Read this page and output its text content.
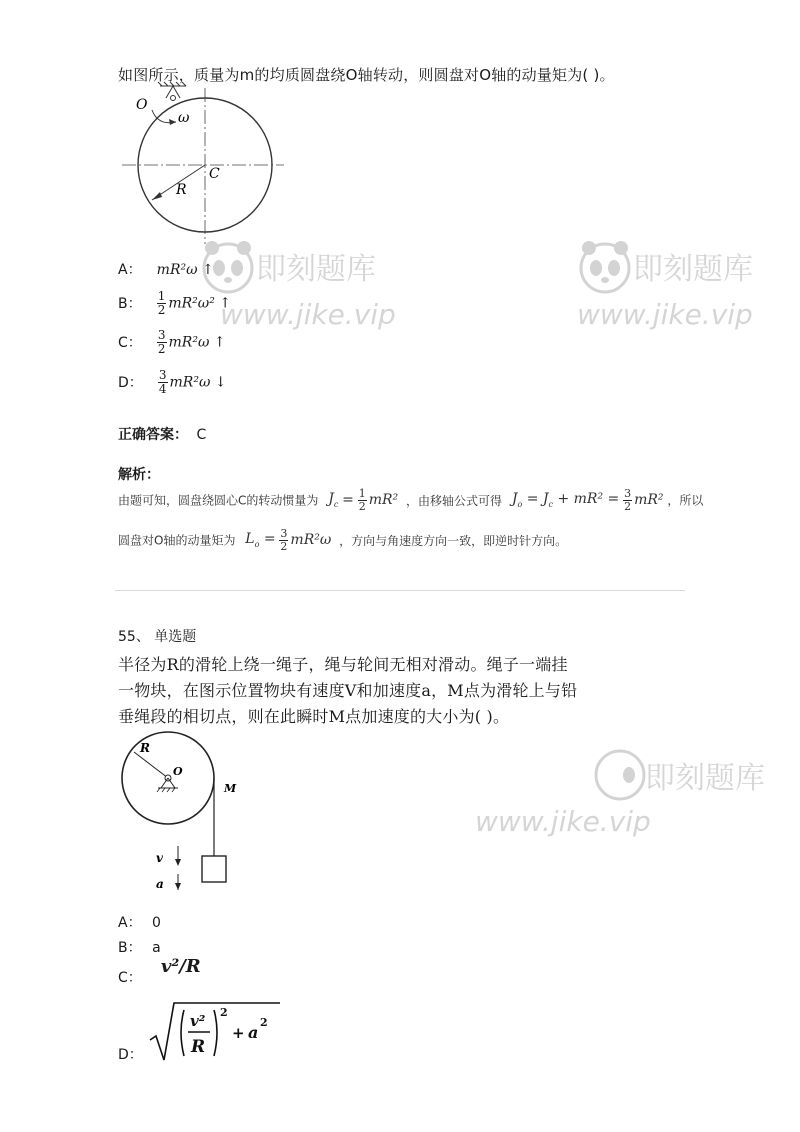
如图所示，质量为m的均质圆盘绕O轴转动，则圆盘对O轴的动量矩为( )。
O
ω
C
R
A： mR²ω ↑
B： $\frac{1}{2} mR^2\omega^2$ ↑
C： $\frac{3}{2} mR^2\omega$ ↑
D： $\frac{3}{4} mR^2\omega$ ↓
正确答案： C
解析：
由题可知，圆盘绕圆心C的转动惯量为 $J_c = \frac{1}{2} mR^2$ ，由移轴公式可得 $J_o = J_c + mR^2 = \frac{3}{2} mR^2$ ，所以
圆盘对O轴的动量矩为 $L_o = \frac{3}{2} mR^2\omega$ ，方向与角速度方向一致，即逆时针方向。
55、 单选题
半径为R的滑轮上绕一绳子，绳与轮间无相对滑动。绳子一端挂
一物块，在图示位置物块有速度V和加速度a，M点为滑轮上与铅
垂绳段的相切点，则在此瞬时M点加速度的大小为( )。
R
O
M
v
a
A： 0
B： a
C： v²/R
D：
v²
R
2
+ a
2
即刻题库
www.jike.vip
即刻题库
www.jike.vip
即刻题库
www.jike.vip
